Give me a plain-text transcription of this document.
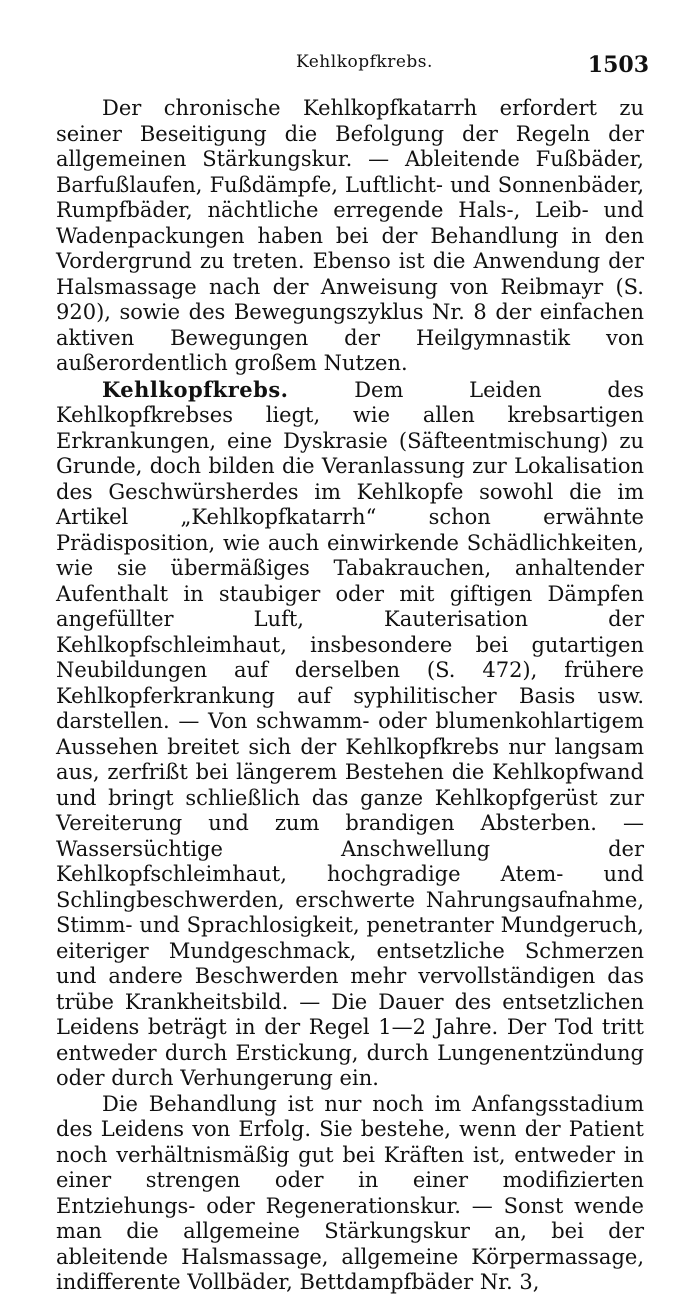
Kehlkopfkrebs.	1503

Der chronische Kehlkopfkatarrh erfordert zu seiner Beseitigung die Befolgung der Regeln der allgemeinen Stärkungskur. — Ableitende Fußbäder, Barfußlaufen, Fußdämpfe, Luftlicht- und Sonnenbäder, Rumpfbäder, nächtliche erregende Hals-, Leib- und Wadenpackungen haben bei der Behandlung in den Vordergrund zu treten. Ebenso ist die Anwendung der Halsmassage nach der Anweisung von Reibmayr (S. 920), sowie des Bewegungszyklus Nr. 8 der einfachen aktiven Bewegungen der Heilgymnastik von außerordentlich großem Nutzen.

Kehlkopfkrebs. Dem Leiden des Kehlkopfkrebses liegt, wie allen krebsartigen Erkrankungen, eine Dyskrasie (Säfteentmischung) zu Grunde, doch bilden die Veranlassung zur Lokalisation des Geschwürsherdes im Kehlkopfe sowohl die im Artikel „Kehlkopfkatarrh“ schon erwähnte Prädisposition, wie auch einwirkende Schädlichkeiten, wie sie übermäßiges Tabakrauchen, anhaltender Aufenthalt in staubiger oder mit giftigen Dämpfen angefüllter Luft, Kauterisation der Kehlkopfschleimhaut, insbesondere bei gutartigen Neubildungen auf derselben (S. 472), frühere Kehlkopferkrankung auf syphilitischer Basis usw. darstellen. — Von schwamm- oder blumenkohlartigem Aussehen breitet sich der Kehlkopfkrebs nur langsam aus, zerfrißt bei längerem Bestehen die Kehlkopfwand und bringt schließlich das ganze Kehlkopfgerüst zur Vereiterung und zum brandigen Absterben. — Wassersüchtige Anschwellung der Kehlkopfschleimhaut, hochgradige Atem- und Schlingbeschwerden, erschwerte Nahrungsaufnahme, Stimm- und Sprachlosigkeit, penetranter Mundgeruch, eiteriger Mundgeschmack, entsetzliche Schmerzen und andere Beschwerden mehr vervollständigen das trübe Krankheitsbild. — Die Dauer des entsetzlichen Leidens beträgt in der Regel 1—2 Jahre. Der Tod tritt entweder durch Erstickung, durch Lungenentzündung oder durch Verhungerung ein.

Die Behandlung ist nur noch im Anfangsstadium des Leidens von Erfolg. Sie bestehe, wenn der Patient noch verhältnismäßig gut bei Kräften ist, entweder in einer strengen oder in einer modifizierten Entziehungs- oder Regenerationskur. — Sonst wende man die allgemeine Stärkungskur an, bei der ableitende Halsmassage, allgemeine Körpermassage, indifferente Vollbäder, Bettdampfbäder Nr. 3,
